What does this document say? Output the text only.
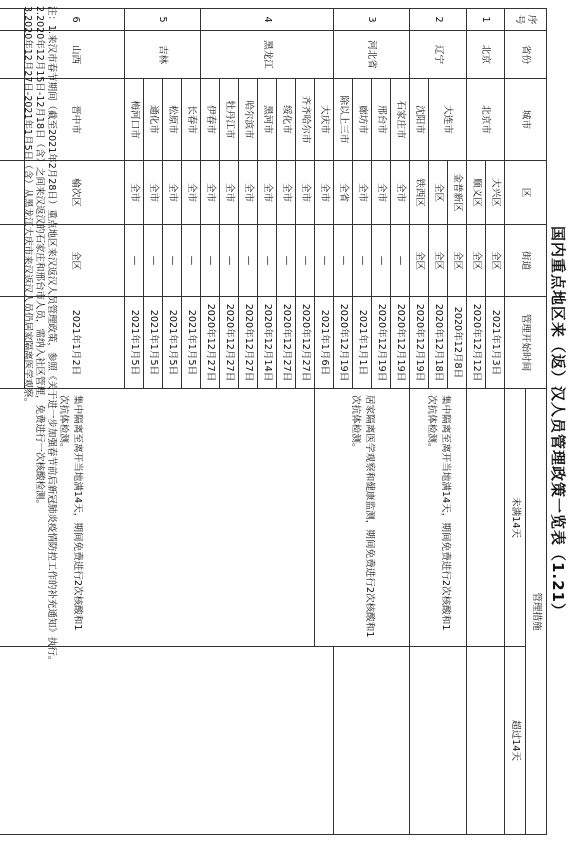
国内重点地区来（返）汉人员管理政策一览表（1.21）
序号	省份	城市	区	街道	管理开始时间	管理措施		
						未满14天	超过14天	
1	北京	北京市	大兴区	全区	2021年1月3日			
			顺义区	全区	2020年12月12日			
2	辽宁	大连市	金普新区	全区	2020年12月8日	集中隔离至离开当地满14天，期间免费进行2次核酸和1次抗体检测。		
			全区	全区	2020年12月18日			
		沈阳市	铁西区	全区	2020年12月19日			
3	河北省	石家庄市	全市	—	2020年12月19日	居家隔离医学观察和健康监测，期间免费进行2次核酸和1次抗体检测。		
		邢台市	全市	—	2020年12月19日			
		廊坊市	全市	—	2021年1月1日			
		除以上三市	全省	—	2020年12月19日			
4	黑龙江	大庆市	全市	—	2021年1月6日			
		齐齐哈尔市	全市	—	2020年12月27日	集中隔离至离开当地满14天，期间免费进行2次核酸和1次抗体检测。		
		绥化市	全市	—	2020年12月27日			
		黑河市	全市	—	2020年12月14日			
		哈尔滨市	全市	—	2020年12月27日			
		牡丹江市	全市	—	2020年12月27日			
		伊春市	全市	—	2020年12月27日			
5	吉林	长春市	全市	—	2021年1月5日			
		松原市	全市	—	2021年1月5日			
		通化市	全市	—	2021年1月5日			
		梅河口市	全市	—	2021年1月5日			
6	山西	晋中市	榆次区	全区	2021年1月2日	

注：1.来汉市春节期间（截至2021年2月28日）重点地区来汉返汉人员管理政策，参照《关于进一步加强春节前后新冠肺炎疫情防控工作的补充通知》执行。
2.2020年12月15日-12月18日（含）之间来汉返汉的石家庄和邢台市人员，需纳入社区管理，免费进行一次核酸检测。
3.2020年12月27日-2021年1月5日（含）从黑龙江大庆市来汉返汉人员仍居家隔离医学观察。
